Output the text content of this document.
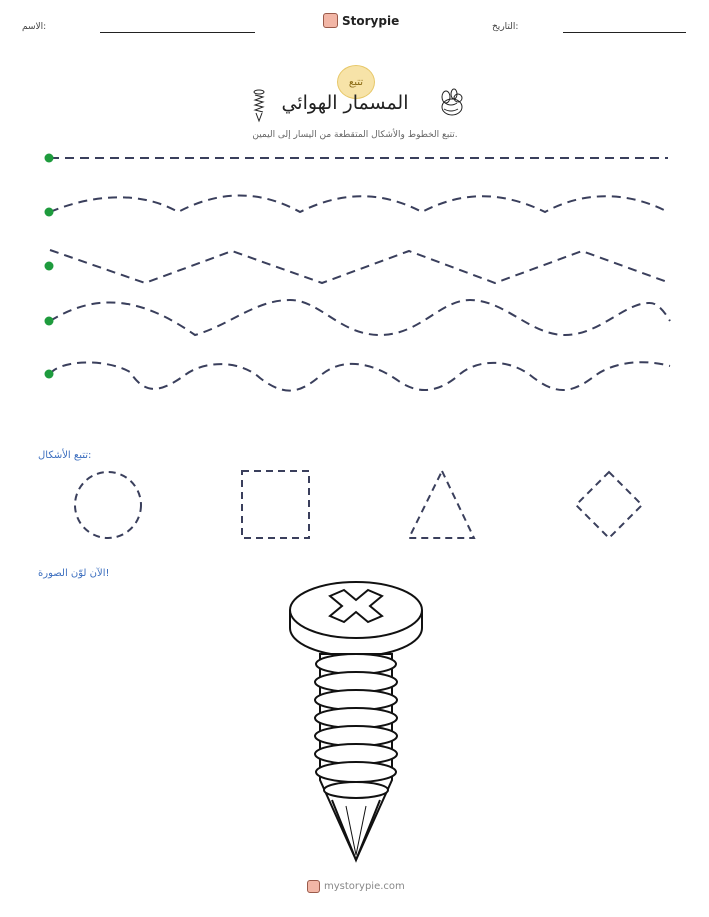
الاسم:	Storypie	التاريخ:
تتبع
المسمار الهوائي
تتبع الخطوط والأشكال المتقطعة من اليسار إلى اليمين.
تتبع الأشكال:
الآن لوّن الصورة!
mystorypie.com
